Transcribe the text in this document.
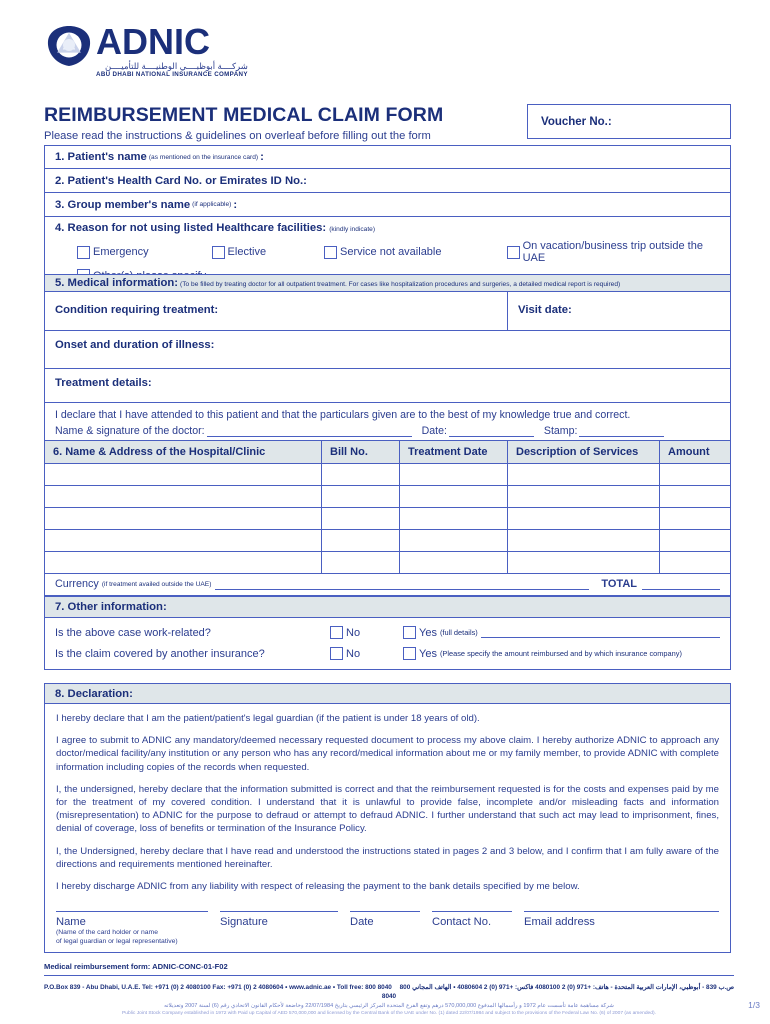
ADNIC
شركــــة أبوظبــــي الوطنيــــة للتأميــــن
ABU DHABI NATIONAL INSURANCE COMPANY
REIMBURSEMENT MEDICAL CLAIM FORM
Please read the instructions & guidelines on overleaf before filling out the form
Voucher No.:
1. Patient's name (as mentioned on the insurance card) :
2. Patient's Health Card No. or Emirates ID No.:
3. Group member's name (if applicable) :
4. Reason for not using listed Healthcare facilities: (kindly indicate)
Emergency	Elective	Service not available	On vacation/business trip outside the UAE
5. Medical information: (To be filled by treating doctor for all outpatient treatment. For cases like hospitalization procedures and surgeries, a detailed medical report is required)
Condition requiring treatment:	Visit date:
Onset and duration of illness:
Treatment details:
I declare that I have attended to this patient and that the particulars given are to the best of my knowledge true and correct.
Name & signature of the doctor:	Date:	Stamp:
6. Name & Address of the Hospital/Clinic	Bill No.	Treatment Date	Description of Services	Amount

Currency (if treatment availed outside the UAE)	TOTAL
7. Other information:
Is the above case work-related?	No	Yes (full details)
Is the claim covered by another insurance?	No	Yes (Please specify the amount reimbursed and by which insurance company)
8. Declaration:

I hereby declare that I am the patient/patient's legal guardian (if the patient is under 18 years of old).

I agree to submit to ADNIC any mandatory/deemed necessary requested document to process my above claim. I hereby authorize ADNIC to approach any doctor/medical facility/any institution or any person who has any record/medical information about me or my family member, to provide ADNIC with complete information including copies of the records when requested.

I, the undersigned, hereby declare that the information submitted is correct and that the reimbursement requested is for the costs and expenses paid by me for the treatment of my covered condition. I understand that it is unlawful to provide false, incomplete and/or misleading facts and information (misrepresentation) to ADNIC for the purpose to defraud or attempt to defraud ADNIC. I further understand that such act may lead to imprisonment, fines, denial of coverage, loss of benefits or termination of the Insurance Policy.

I, the Undersigned, hereby declare that I have read and understood the instructions stated in pages 2 and 3 below, and I confirm that I am fully aware of the directions and requirements mentioned hereinafter.

I hereby discharge ADNIC from any liability with respect of releasing the payment to the bank details specified by me below.

Name
(Name of the card holder or name
of legal guardian or legal representative)
Signature	Date	Contact No.	Email address
Medical reimbursement form: ADNIC-CONC-01-F02
P.O.Box 839 - Abu Dhabi, U.A.E. Tel: +971 (0) 2 4080100 Fax: +971 (0) 2 4080604 • www.adnic.ae • Toll free: 800 8040 ص.ب 839 - أبوظبي، الإمارات العربية المتحدة - هاتف: +971 (0) 2 4080100 فاكس: +971 (0) 2 4080604 • الهاتف المجاني 800 8040
شركة مساهمة عامة تأسست عام 1972 و رأسمالها المدفوع 570,000,000 درهم وتقع الفرع المتحدة المركز الرئيسي بتاريخ 22/07/1984 وخاضعة لأحكام القانون الاتحادي رقم (6) لسنة 2007 وتعديلاته
Public Joint Stock Company established in 1972 with Paid up Capital of AED 570,000,000 and licensed by the Central Bank of the UAE under No. (1) dated 22/07/1984 and subject to the provisions of the Federal Law No. (6) of 2007 (as amended).
1/3
